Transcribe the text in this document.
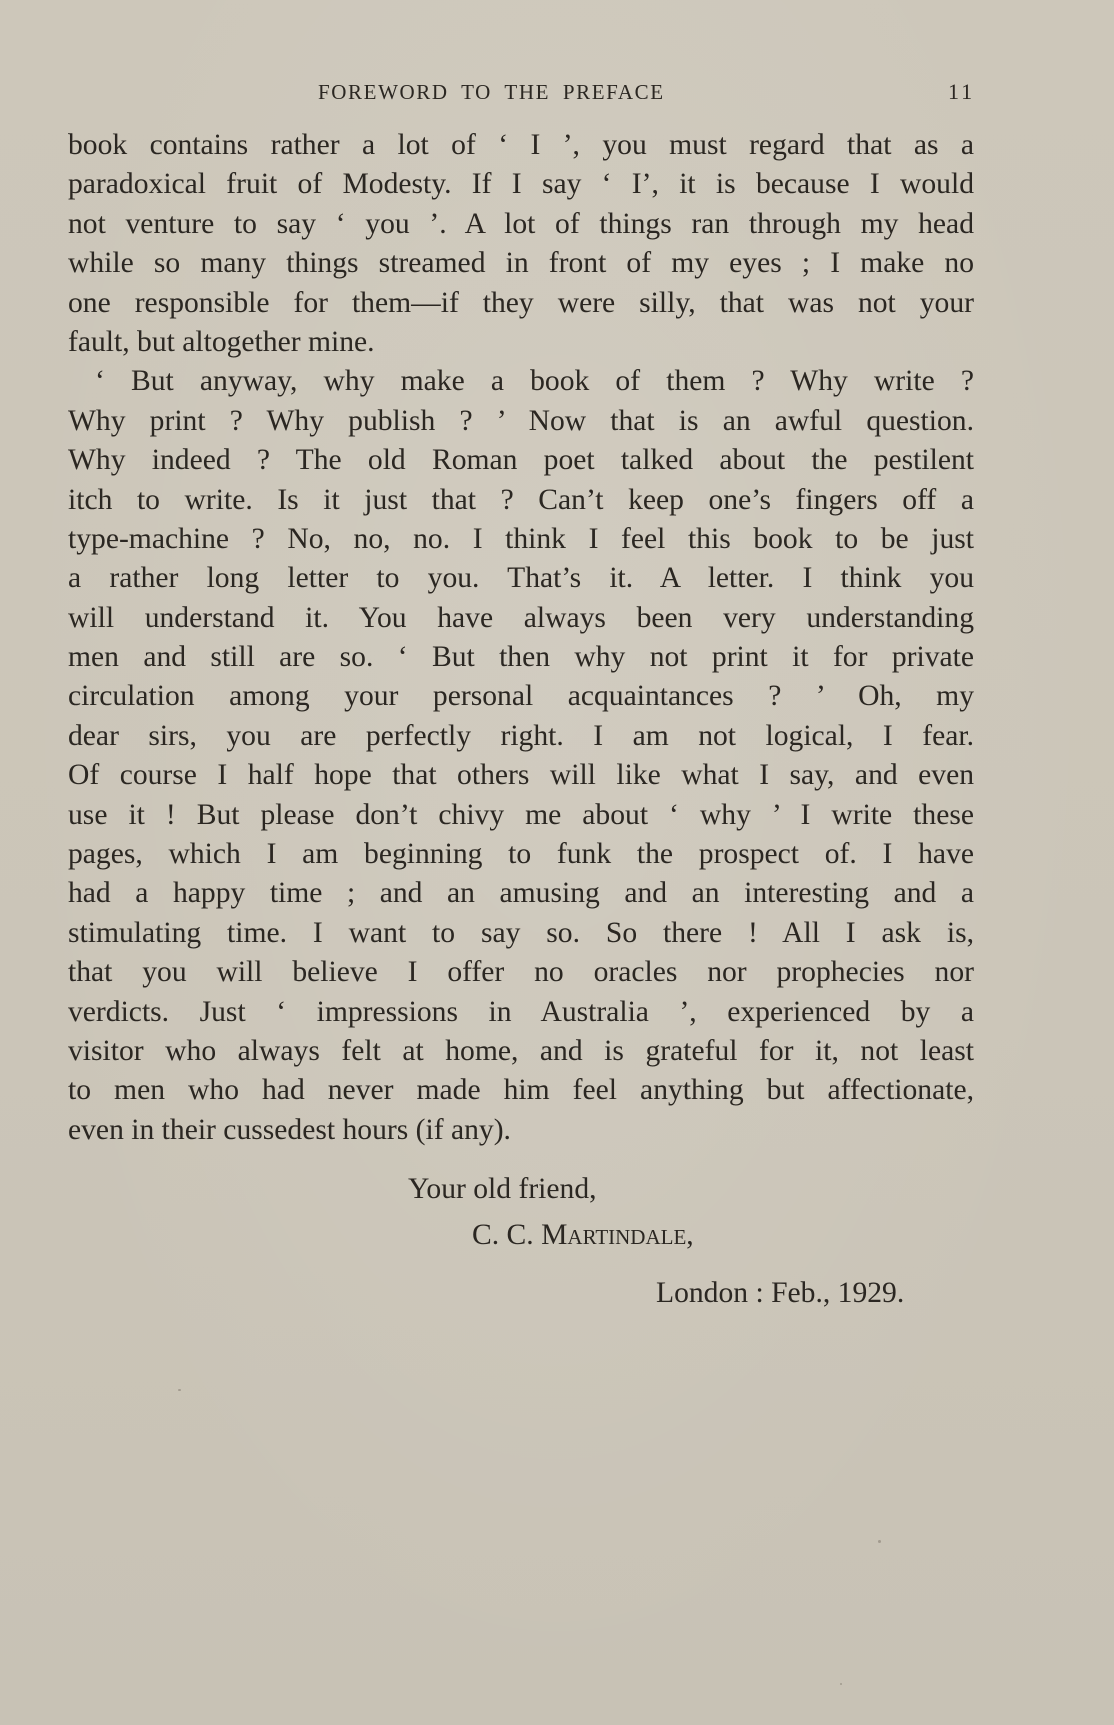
FOREWORD TO THE PREFACE	11
book contains rather a lot of ‘ I ’, you must regard that as a
paradoxical fruit of Modesty. If I say ‘ I’, it is because I would
not venture to say ‘ you ’. A lot of things ran through my head
while so many things streamed in front of my eyes ; I make no
one responsible for them—if they were silly, that was not your
fault, but altogether mine.
‘ But anyway, why make a book of them ? Why write ?
Why print ? Why publish ? ’ Now that is an awful question.
Why indeed ? The old Roman poet talked about the pestilent
itch to write. Is it just that ? Can’t keep one’s fingers off a
type-machine ? No, no, no. I think I feel this book to be just
a rather long letter to you. That’s it. A letter. I think you
will understand it. You have always been very understanding
men and still are so. ‘ But then why not print it for private
circulation among your personal acquaintances ? ’ Oh, my
dear sirs, you are perfectly right. I am not logical, I fear.
Of course I half hope that others will like what I say, and even
use it ! But please don’t chivy me about ‘ why ’ I write these
pages, which I am beginning to funk the prospect of. I have
had a happy time ; and an amusing and an interesting and a
stimulating time. I want to say so. So there ! All I ask is,
that you will believe I offer no oracles nor prophecies nor
verdicts. Just ‘ impressions in Australia ’, experienced by a
visitor who always felt at home, and is grateful for it, not least
to men who had never made him feel anything but affectionate,
even in their cussedest hours (if any).
Your old friend,
C. C. Martindale,
London : Feb., 1929.
